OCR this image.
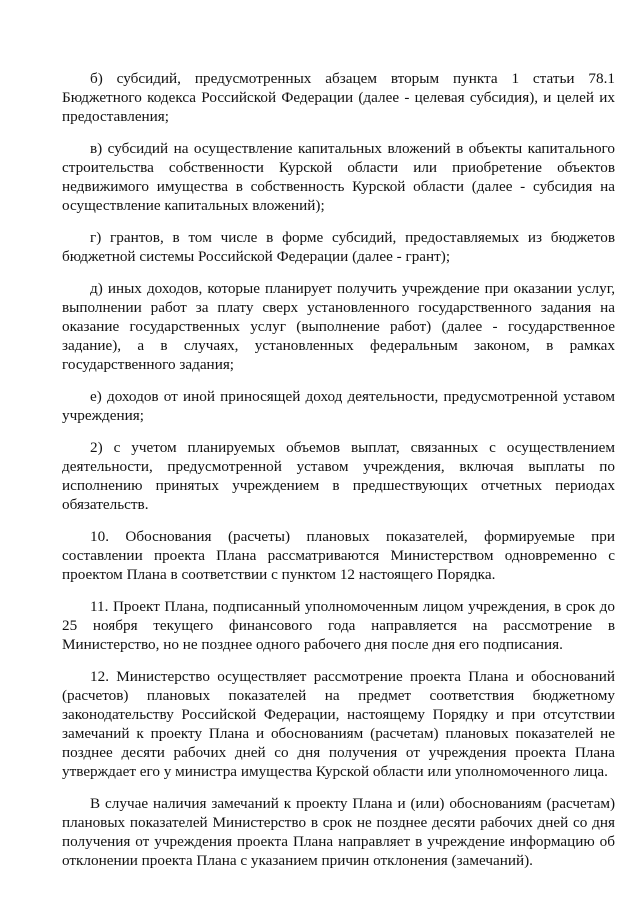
б) субсидий, предусмотренных абзацем вторым пункта 1 статьи 78.1 Бюджетного кодекса Российской Федерации (далее - целевая субсидия), и целей их предоставления;

в) субсидий на осуществление капитальных вложений в объекты капитального строительства собственности Курской области или приобретение объектов недвижимого имущества в собственность Курской области (далее - субсидия на осуществление капитальных вложений);

г) грантов, в том числе в форме субсидий, предоставляемых из бюджетов бюджетной системы Российской Федерации (далее - грант);

д) иных доходов, которые планирует получить учреждение при оказании услуг, выполнении работ за плату сверх установленного государственного задания на оказание государственных услуг (выполнение работ) (далее - государственное задание), а в случаях, установленных федеральным законом, в рамках государственного задания;

е) доходов от иной приносящей доход деятельности, предусмотренной уставом учреждения;

2) с учетом планируемых объемов выплат, связанных с осуществлением деятельности, предусмотренной уставом учреждения, включая выплаты по исполнению принятых учреждением в предшествующих отчетных периодах обязательств.

10. Обоснования (расчеты) плановых показателей, формируемые при составлении проекта Плана рассматриваются Министерством одновременно с проектом Плана в соответствии с пунктом 12 настоящего Порядка.

11. Проект Плана, подписанный уполномоченным лицом учреждения, в срок до 25 ноября текущего финансового года направляется на рассмотрение в Министерство, но не позднее одного рабочего дня после дня его подписания.

12. Министерство осуществляет рассмотрение проекта Плана и обоснований (расчетов) плановых показателей на предмет соответствия бюджетному законодательству Российской Федерации, настоящему Порядку и при отсутствии замечаний к проекту Плана и обоснованиям (расчетам) плановых показателей не позднее десяти рабочих дней со дня получения от учреждения проекта Плана утверждает его у министра имущества Курской области или уполномоченного лица.

В случае наличия замечаний к проекту Плана и (или) обоснованиям (расчетам) плановых показателей Министерство в срок не позднее десяти рабочих дней со дня получения от учреждения проекта Плана направляет в учреждение информацию об отклонении проекта Плана с указанием причин отклонения (замечаний).
